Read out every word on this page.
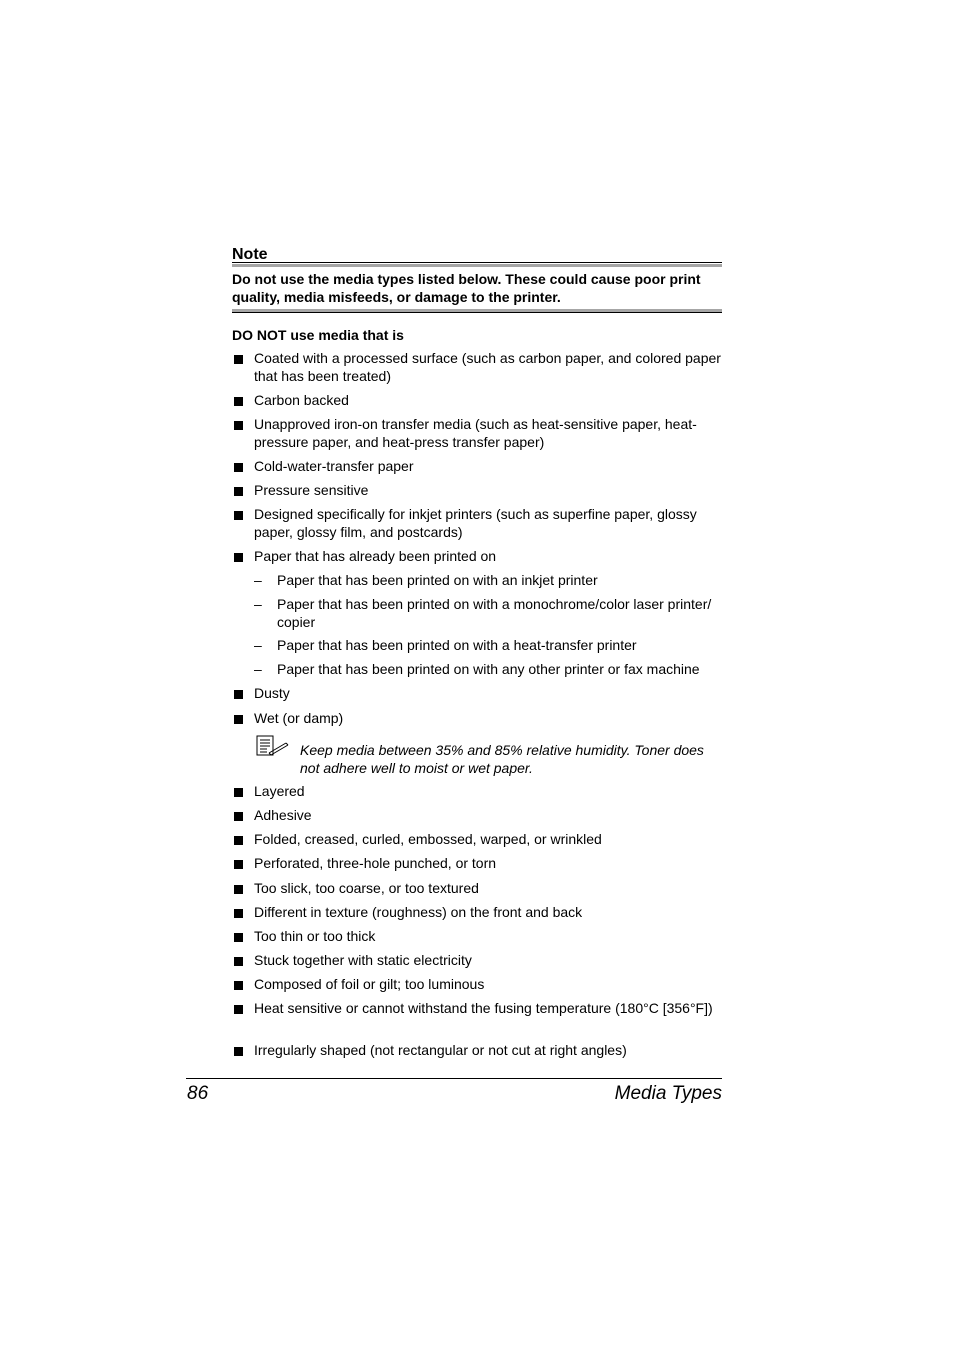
Note
Do not use the media types listed below. These could cause poor print quality, media misfeeds, or damage to the printer.
DO NOT use media that is
Coated with a processed surface (such as carbon paper, and colored paper that has been treated)
Carbon backed
Unapproved iron-on transfer media (such as heat-sensitive paper, heat-pressure paper, and heat-press transfer paper)
Cold-water-transfer paper
Pressure sensitive
Designed specifically for inkjet printers (such as superfine paper, glossy paper, glossy film, and postcards)
Paper that has already been printed on
– Paper that has been printed on with an inkjet printer
– Paper that has been printed on with a monochrome/color laser printer/ copier
– Paper that has been printed on with a heat-transfer printer
– Paper that has been printed on with any other printer or fax machine
Dusty
Wet (or damp)
Keep media between 35% and 85% relative humidity. Toner does not adhere well to moist or wet paper.
Layered
Adhesive
Folded, creased, curled, embossed, warped, or wrinkled
Perforated, three-hole punched, or torn
Too slick, too coarse, or too textured
Different in texture (roughness) on the front and back
Too thin or too thick
Stuck together with static electricity
Composed of foil or gilt; too luminous
Heat sensitive or cannot withstand the fusing temperature (180°C [356°F])
Irregularly shaped (not rectangular or not cut at right angles)
86	Media Types
